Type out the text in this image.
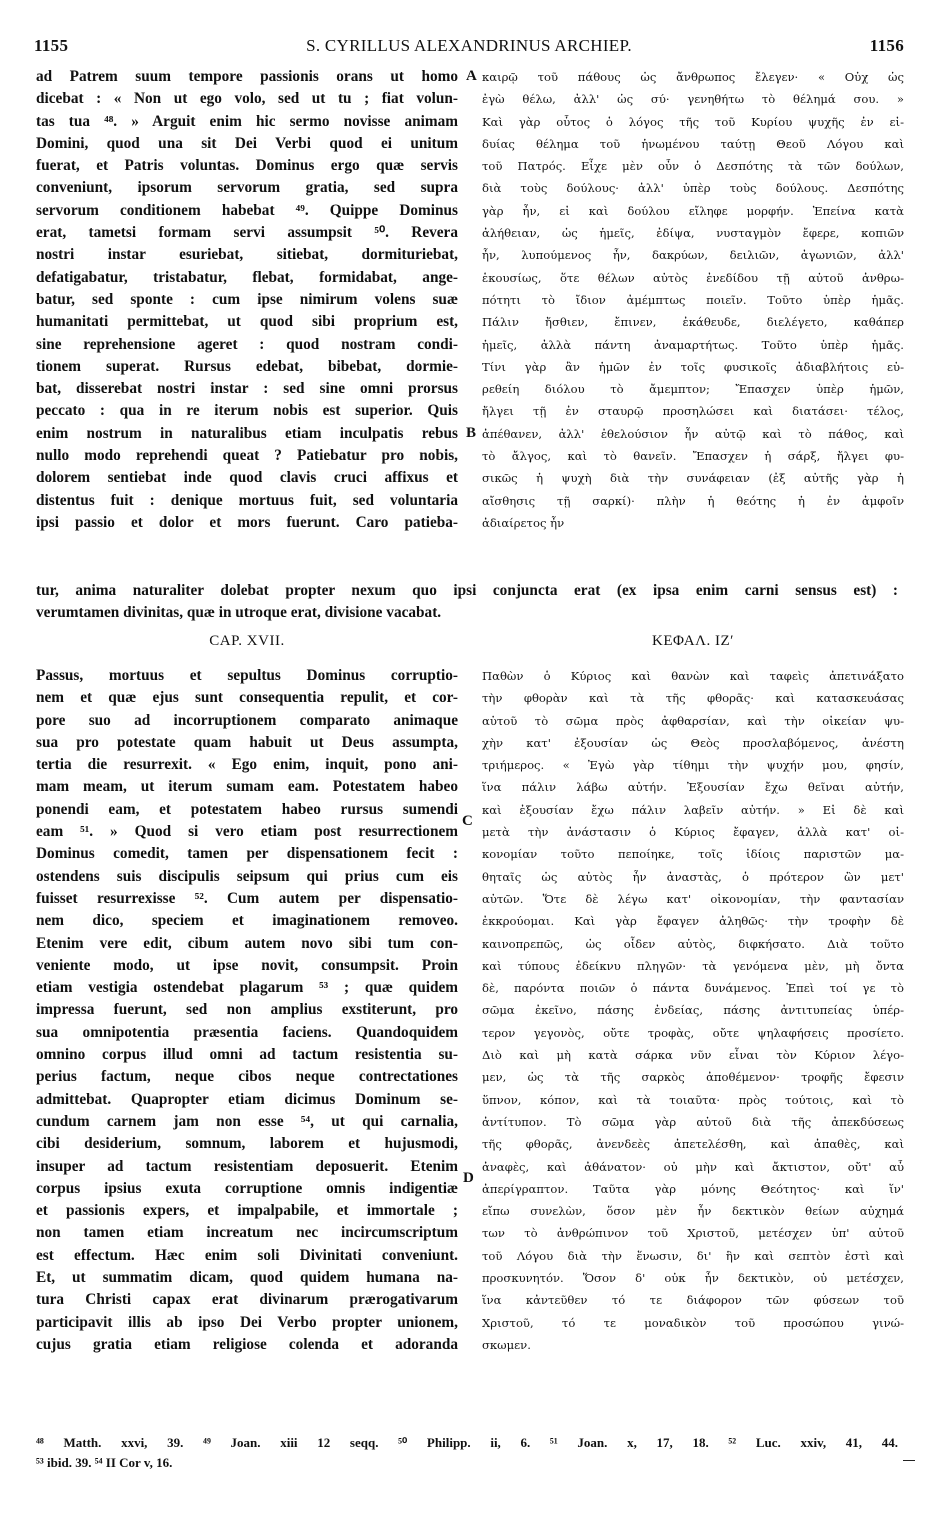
1155	S. CYRILLUS ALEXANDRINUS ARCHIEP.	1156
ad Patrem suum tempore passionis orans ut homo
dicebat : « Non ut ego volo, sed ut tu ; fiat volun-
tas tua ⁴⁸. » Arguit enim hic sermo novisse animam
Domini, quod una sit Dei Verbi quod ei unitum
fuerat, et Patris voluntas. Dominus ergo quæ servis
conveniunt, ipsorum servorum gratia, sed supra
servorum conditionem habebat ⁴⁹. Quippe Dominus
erat, tametsi formam servi assumpsit ⁵⁰. Revera
nostri instar esuriebat, sitiebat, dormituriebat,
defatigabatur, tristabatur, flebat, formidabat, ange-
batur, sed sponte : cum ipse nimirum volens suæ
humanitati permittebat, ut quod sibi proprium est,
sine reprehensione ageret : quod nostram condi-
tionem superat. Rursus edebat, bibebat, dormie-
bat, disserebat nostri instar : sed sine omni prorsus
peccato : qua in re iterum nobis est superior. Quis
enim nostrum in naturalibus etiam inculpatis rebus
nullo modo reprehendi queat ? Patiebatur pro nobis,
dolorem sentiebat inde quod clavis cruci affixus et
distentus fuit : denique mortuus fuit, sed voluntaria
ipsi passio et dolor et mors fuerunt. Caro patieba-
καιρῷ τοῦ πάθους ὡς ἄνθρωπος ἔλεγεν· « Οὐχ ὡς
ἐγὼ θέλω, ἀλλ' ὡς σύ· γενηθήτω τὸ θέλημά σου. »
Καὶ γὰρ οὗτος ὁ λόγος τῆς τοῦ Κυρίου ψυχῆς ἐν εἰ-
δυίας θέλημα τοῦ ἡνωμένου ταύτῃ Θεοῦ Λόγου καὶ
τοῦ Πατρός. Εἶχε μὲν οὖν ὁ Δεσπότης τὰ τῶν δούλων,
διὰ τοὺς δούλους· ἀλλ' ὑπὲρ τοὺς δούλους. Δεσπότης
γὰρ ἦν, εἰ καὶ δούλου εἴληφε μορφήν. Ἐπείνα κατὰ
ἀλήθειαν, ὡς ἡμεῖς, ἐδίψα, νυσταγμὸν ἔφερε, κοπιῶν
ἦν, λυπούμενος ἦν, δακρύων, δειλιῶν, ἀγωνιῶν, ἀλλ'
ἑκουσίως, ὅτε θέλων αὐτὸς ἐνεδίδου τῇ αὐτοῦ ἀνθρω-
πότητι τὸ ἴδιον ἀμέμπτως ποιεῖν. Τοῦτο ὑπὲρ ἡμᾶς.
Πάλιν ἤσθιεν, ἔπινεν, ἐκάθευδε, διελέγετο, καθάπερ
ἡμεῖς, ἀλλὰ πάντη ἀναμαρτήτως. Τοῦτο ὑπὲρ ἡμᾶς.
Τίνι γὰρ ἂν ἡμῶν ἐν τοῖς φυσικοῖς ἀδιαβλήτοις εὑ-
ρεθείη διόλου τὸ ἄμεμπτον; Ἔπασχεν ὑπὲρ ἡμῶν,
ἤλγει τῇ ἐν σταυρῷ προσηλώσει καὶ διατάσει· τέλος,
ἀπέθανεν, ἀλλ' ἐθελούσιον ἦν αὐτῷ καὶ τὸ πάθος, καὶ
τὸ ἄλγος, καὶ τὸ θανεῖν. Ἔπασχεν ἡ σάρξ, ἤλγει φυ-
σικῶς ἡ ψυχὴ διὰ τὴν συνάφειαν (ἐξ αὐτῆς γὰρ ἡ
αἴσθησις τῇ σαρκί)· πλὴν ἡ θεότης ἡ ἐν ἀμφοῖν
ἀδιαίρετος ἦν
tur, anima naturaliter dolebat propter nexum quo ipsi conjuncta erat (ex ipsa enim carni sensus est) :
verumtamen divinitas, quæ in utroque erat, divisione vacabat.
A
B
C
D
CAP. XVII.	ΚΕΦΑΛ. ΙΖʹ
Passus, mortuus et sepultus Dominus corruptio-
nem et quæ ejus sunt consequentia repulit, et cor-
pore suo ad incorruptionem comparato animaque
sua pro potestate quam habuit ut Deus assumpta,
tertia die resurrexit. « Ego enim, inquit, pono ani-
mam meam, ut iterum sumam eam. Potestatem habeo
ponendi eam, et potestatem habeo rursus sumendi
eam ⁵¹. » Quod si vero etiam post resurrectionem
Dominus comedit, tamen per dispensationem fecit :
ostendens suis discipulis seipsum qui prius cum eis
fuisset resurrexisse ⁵². Cum autem per dispensatio-
nem dico, speciem et imaginationem removeo.
Etenim vere edit, cibum autem novo sibi tum con-
veniente modo, ut ipse novit, consumpsit. Proin
etiam vestigia ostendebat plagarum ⁵³ ; quæ quidem
impressa fuerunt, sed non amplius exstiterunt, pro
sua omnipotentia præsentia faciens. Quandoquidem
omnino corpus illud omni ad tactum resistentia su-
perius factum, neque cibos neque contrectationes
admittebat. Quapropter etiam dicimus Dominum se-
cundum carnem jam non esse ⁵⁴, ut qui carnalia,
cibi desiderium, somnum, laborem et hujusmodi,
insuper ad tactum resistentiam deposuerit. Etenim
corpus ipsius exuta corruptione omnis indigentiæ
et passionis expers, et impalpabile, et immortale ;
non tamen etiam increatum nec incircumscriptum
est effectum. Hæc enim soli Divinitati conveniunt.
Et, ut summatim dicam, quod quidem humana na-
tura Christi capax erat divinarum prærogativarum
participavit illis ab ipso Dei Verbo propter unionem,
cujus gratia etiam religiose colenda et adoranda
Παθὼν ὁ Κύριος καὶ θανὼν καὶ ταφεὶς ἀπετινάξατο
τὴν φθορὰν καὶ τὰ τῆς φθορᾶς· καὶ κατασκευάσας
αὑτοῦ τὸ σῶμα πρὸς ἀφθαρσίαν, καὶ τὴν οἰκείαν ψυ-
χὴν κατ' ἐξουσίαν ὡς Θεὸς προσλαβόμενος, ἀνέστη
τριήμερος. « Ἐγὼ γὰρ τίθημι τὴν ψυχήν μου, φησίν,
ἵνα πάλιν λάβω αὐτήν. Ἐξουσίαν ἔχω θεῖναι αὐτήν,
καὶ ἐξουσίαν ἔχω πάλιν λαβεῖν αὐτήν. » Εἰ δὲ καὶ
μετὰ τὴν ἀνάστασιν ὁ Κύριος ἔφαγεν, ἀλλὰ κατ' οἰ-
κονομίαν τοῦτο πεποίηκε, τοῖς ἰδίοις παριστῶν μα-
θηταῖς ὡς αὐτὸς ἦν ἀναστὰς, ὁ πρότερον ὢν μετ'
αὐτῶν. Ὅτε δὲ λέγω κατ' οἰκονομίαν, τὴν φαντασίαν
ἐκκρούομαι. Καὶ γὰρ ἔφαγεν ἀληθῶς· τὴν τροφὴν δὲ
καινοπρεπῶς, ὡς οἶδεν αὐτὸς, διφκήσατο. Διὰ τοῦτο
καὶ τύπους ἐδείκνυ πληγῶν· τὰ γενόμενα μὲν, μὴ ὄντα
δὲ, παρόντα ποιῶν ὁ πάντα δυνάμενος. Ἐπεὶ τοί γε τὸ
σῶμα ἐκεῖνο, πάσης ἐνδείας, πάσης ἀντιτυπείας ὑπέρ-
τερον γεγονὸς, οὔτε τροφὰς, οὔτε ψηλαφήσεις προσίετο.
Διὸ καὶ μὴ κατὰ σάρκα νῦν εἶναι τὸν Κύριον λέγο-
μεν, ὡς τὰ τῆς σαρκὸς ἀποθέμενον· τροφῆς ἔφεσιν
ὕπνον, κόπον, καὶ τὰ τοιαῦτα· πρὸς τούτοις, καὶ τὸ
ἀντίτυπον. Τὸ σῶμα γὰρ αὐτοῦ διὰ τῆς ἀπεκδύσεως
τῆς φθορᾶς, ἀνενδεὲς ἀπετελέσθη, καὶ ἀπαθὲς, καὶ
ἀναφὲς, καὶ ἀθάνατον· οὐ μὴν καὶ ἄκτιστον, οὔτ' αὖ
ἀπερίγραπτον. Ταῦτα γὰρ μόνης Θεότητος· καὶ ἵν'
εἴπω συνελὼν, ὅσον μὲν ἦν δεκτικὸν θείων αὐχημά
των τὸ ἀνθρώπινον τοῦ Χριστοῦ, μετέσχεν ὑπ' αὐτοῦ
τοῦ Λόγου διὰ τὴν ἕνωσιν, δι' ἣν καὶ σεπτὸν ἐστὶ καὶ
προσκυνητόν. Ὅσον δ' οὐκ ἦν δεκτικὸν, οὐ μετέσχεν,
ἵνα κἀντεῦθεν τό τε διάφορον τῶν φύσεων τοῦ
Χριστοῦ, τό τε μοναδικὸν τοῦ προσώπου γινώ-
σκωμεν.
⁴⁸ Matth. xxvi, 39. ⁴⁹ Joan. xiii 12 seqq. ⁵⁰ Philipp. ii, 6. ⁵¹ Joan. x, 17, 18. ⁵² Luc. xxiv, 41, 44.
⁵³ ibid. 39. ⁵⁴ II Cor v, 16.
